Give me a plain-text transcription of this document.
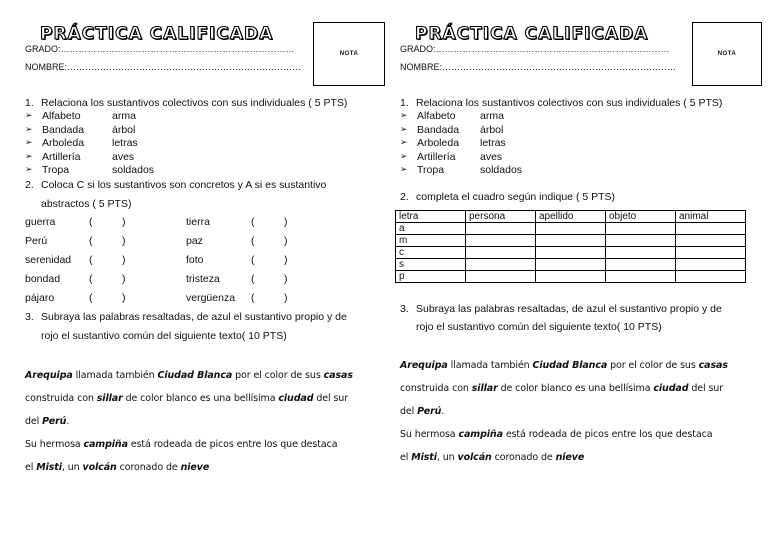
PRÁCTICA CALIFICADA
NOTA
GRADO:……………………………………………………………………
NOMBRE:……………………………………………………………………
1. Relaciona los sustantivos colectivos con sus individuales ( 5 PTS)
➢ Alfabeto	arma
➢ Bandada	árbol
➢ Arboleda	letras
➢ Artillería	aves
➢ Tropa	soldados
2. Coloca C si los sustantivos son concretos y A si es sustantivo
abstractos ( 5 PTS)
guerra	(	)	tierra	(	)
Perú	(	)	paz	(	)
serenidad (	)	foto	(	)
bondad	(	)	tristeza	(	)
pájaro	(	)	vergüenza (	)
3. Subraya las palabras resaltadas, de azul el sustantivo propio y de
rojo el sustantivo común del siguiente texto( 10 PTS)
Arequipa llamada también Ciudad Blanca por el color de sus casas
construida con sillar de color blanco es una bellísima ciudad del sur
del Perú.
Su hermosa campiña está rodeada de picos entre los que destaca
el Misti, un volcán coronado de nieve
PRÁCTICA CALIFICADA
NOTA
GRADO:……………………………………………………………………
NOMBRE:……………………………………………………………………
1. Relaciona los sustantivos colectivos con sus individuales ( 5 PTS)
➢ Alfabeto arma
➢ Bandada árbol
➢ Arboleda letras
➢ Artillería aves
➢ Tropa	soldados
2. completa el cuadro según indique ( 5 PTS)
letra	persona	apellido	objeto	animal
a				
m				
c				
s				
p				
3. Subraya las palabras resaltadas, de azul el sustantivo propio y de
rojo el sustantivo común del siguiente texto( 10 PTS)
Arequipa llamada también Ciudad Blanca por el color de sus casas
construida con sillar de color blanco es una bellísima ciudad del sur
del Perú.
Su hermosa campiña está rodeada de picos entre los que destaca
el Misti, un volcán coronado de nieve
